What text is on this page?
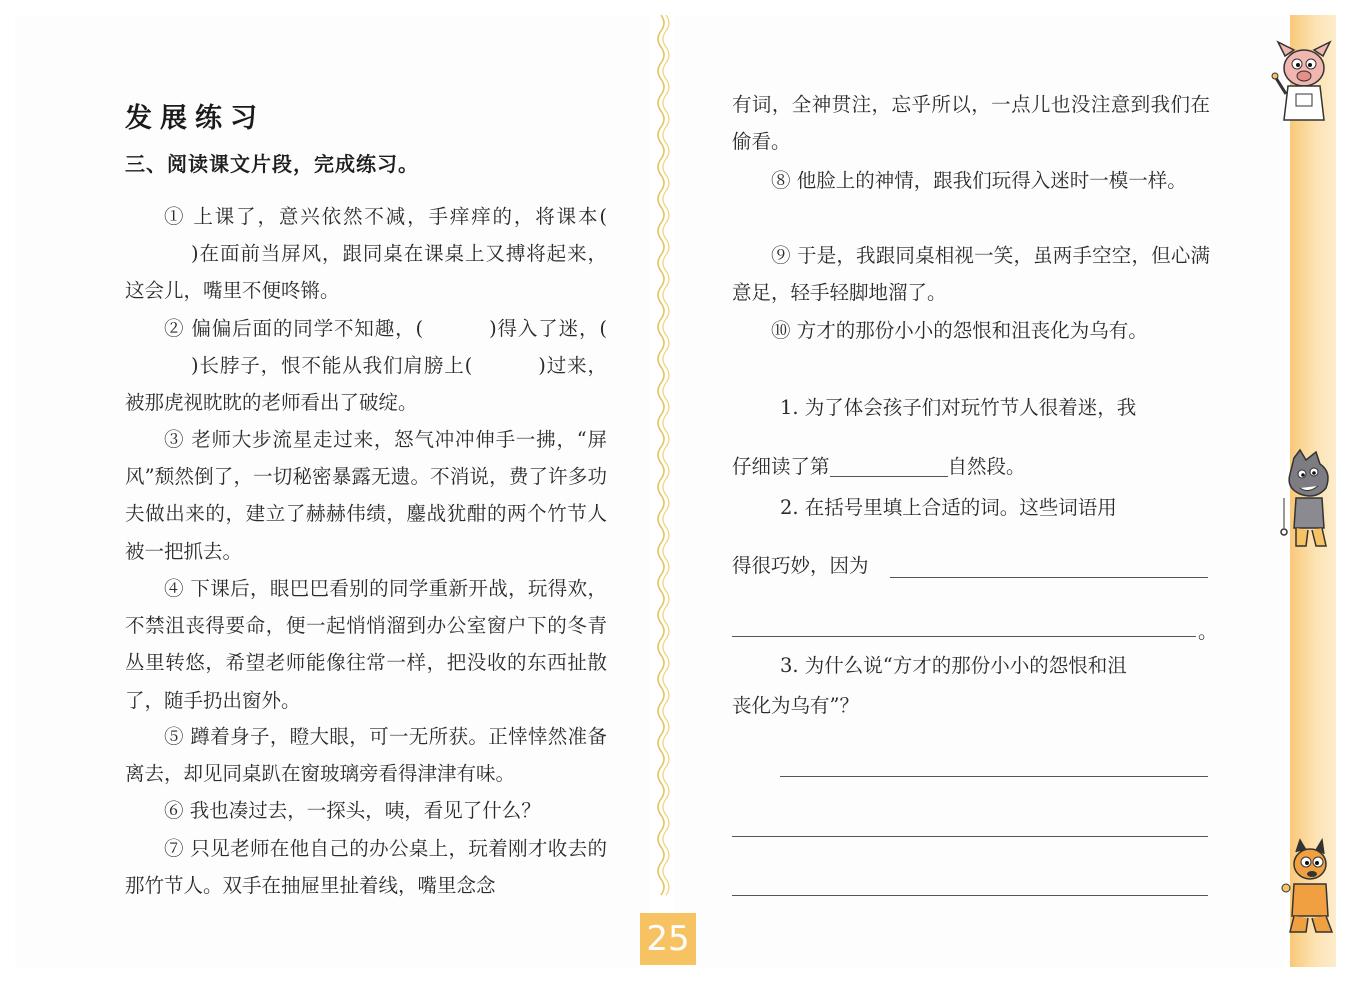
发展练习
三、阅读课文片段，完成练习。

① 上课了，意兴依然不减，手痒痒的，将课本()在面前当屏风，跟同桌在课桌上又搏将起来，这会儿，嘴里不便咚锵。

② 偏偏后面的同学不知趣，(	)得入了迷，()长脖子，恨不能从我们肩膀上(	)过来，被那虎视眈眈的老师看出了破绽。

③ 老师大步流星走过来，怒气冲冲伸手一拂，“屏风”颓然倒了，一切秘密暴露无遗。不消说，费了许多功夫做出来的，建立了赫赫伟绩，鏖战犹酣的两个竹节人被一把抓去。

④ 下课后，眼巴巴看别的同学重新开战，玩得欢，不禁沮丧得要命，便一起悄悄溜到办公室窗户下的冬青丛里转悠，希望老师能像往常一样，把没收的东西扯散了，随手扔出窗外。

⑤ 蹲着身子，瞪大眼，可一无所获。正悻悻然准备离去，却见同桌趴在窗玻璃旁看得津津有味。

⑥ 我也凑过去，一探头，咦，看见了什么？

⑦ 只见老师在他自己的办公桌上，玩着刚才收去的那竹节人。双手在抽屉里扯着线，嘴里念念

有词，全神贯注，忘乎所以，一点儿也没注意到我们在偷看。

⑧ 他脸上的神情，跟我们玩得入迷时一模一样。

⑨ 于是，我跟同桌相视一笑，虽两手空空，但心满意足，轻手轻脚地溜了。

⑩ 方才的那份小小的怨恨和沮丧化为乌有。

1. 为了体会孩子们对玩竹节人很着迷，我
仔细读了第	自然段。
2. 在括号里填上合适的词。这些词语用
得很巧妙，因为
。
3. 为什么说“方才的那份小小的怨恨和沮
丧化为乌有”？
25
